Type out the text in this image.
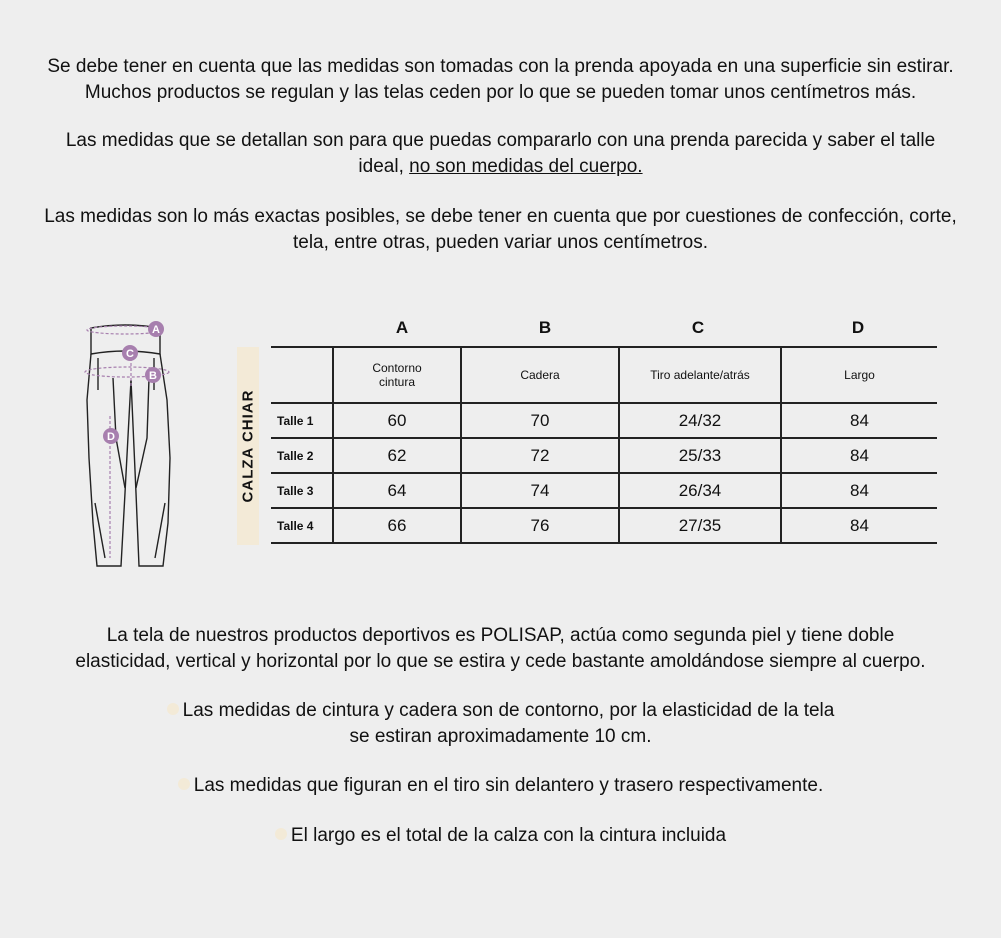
Se debe tener en cuenta que las medidas son tomadas con la prenda apoyada en una superficie sin estirar.
Muchos productos se regulan y las telas ceden por lo que se pueden tomar unos centímetros más.

Las medidas que se detallan son para que puedas compararlo con una prenda parecida y saber el talle
ideal, no son medidas del cuerpo.

Las medidas son lo más exactas posibles, se debe tener en cuenta que por cuestiones de confección, corte,
tela, entre otras, pueden variar unos centímetros.

A
C
B
D	CALZA CHIAR
A	B	C	D

	Contorno cintura	Cadera	Tiro adelante/atrás	Largo
Talle 1	60	70	24/32	84
Talle 2	62	72	25/33	84
Talle 3	64	74	26/34	84
Talle 4	66	76	27/35	84

La tela de nuestros productos deportivos es POLISAP, actúa como segunda piel y tiene doble
elasticidad, vertical y horizontal por lo que se estira y cede bastante amoldándose siempre al cuerpo.

Las medidas de cintura y cadera son de contorno, por la elasticidad de la tela
se estiran aproximadamente 10 cm.

Las medidas que figuran en el tiro sin delantero y trasero respectivamente.

El largo es el total de la calza con la cintura incluida
